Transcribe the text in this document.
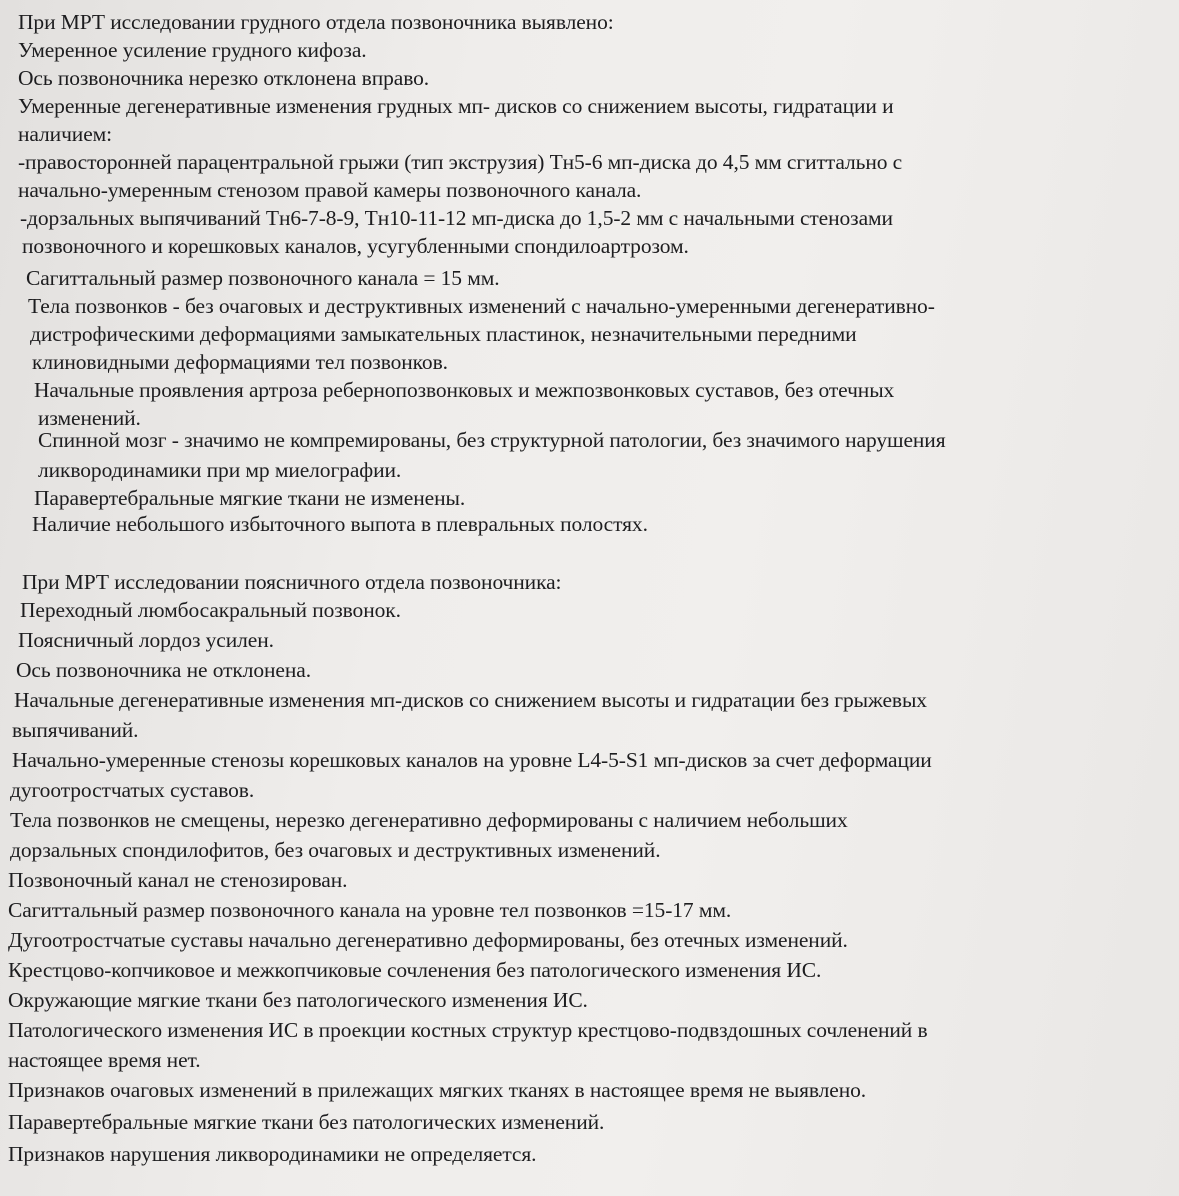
При МРТ исследовании грудного отдела позвоночника выявлено:
Умеренное усиление грудного кифоза.
Ось позвоночника нерезко отклонена вправо.
Умеренные дегенеративные изменения грудных мп- дисков со снижением высоты, гидратации и
наличием:
-правосторонней парацентральной грыжи (тип экструзия) Тн5-6 мп-диска до 4,5 мм сгиттально с
начально-умеренным стенозом правой камеры позвоночного канала.
-дорзальных выпячиваний Тн6-7-8-9, Тн10-11-12 мп-диска до 1,5-2 мм с начальными стенозами
позвоночного и корешковых каналов, усугубленными спондилоартрозом.
Сагиттальный размер позвоночного канала = 15 мм.
Тела позвонков - без очаговых и деструктивных изменений с начально-умеренными дегенеративно-
дистрофическими деформациями замыкательных пластинок, незначительными передними
клиновидными деформациями тел позвонков.
Начальные проявления артроза ребернопозвонковых и межпозвонковых суставов, без отечных
изменений.
Спинной мозг - значимо не компремированы, без структурной патологии, без значимого нарушения
ликвородинамики при мр миелографии.
Паравертебральные мягкие ткани не изменены.
Наличие небольшого избыточного выпота в плевральных полостях.
При МРТ исследовании поясничного отдела позвоночника:
Переходный люмбосакральный позвонок.
Поясничный лордоз усилен.
Ось позвоночника не отклонена.
Начальные дегенеративные изменения мп-дисков со снижением высоты и гидратации без грыжевых
выпячиваний.
Начально-умеренные стенозы корешковых каналов на уровне L4-5-S1 мп-дисков за счет деформации
дугоотростчатых суставов.
Тела позвонков не смещены, нерезко дегенеративно деформированы с наличием небольших
дорзальных спондилофитов, без очаговых и деструктивных изменений.
Позвоночный канал не стенозирован.
Сагиттальный размер позвоночного канала на уровне тел позвонков =15-17 мм.
Дугоотростчатые суставы начально дегенеративно деформированы, без отечных изменений.
Крестцово-копчиковое и межкопчиковые сочленения без патологического изменения ИС.
Окружающие мягкие ткани без патологического изменения ИС.
Патологического изменения ИС в проекции костных структур крестцово-подвздошных сочленений в
настоящее время нет.
Признаков очаговых изменений в прилежащих мягких тканях в настоящее время не выявлено.
Паравертебральные мягкие ткани без патологических изменений.
Признаков нарушения ликвородинамики не определяется.
